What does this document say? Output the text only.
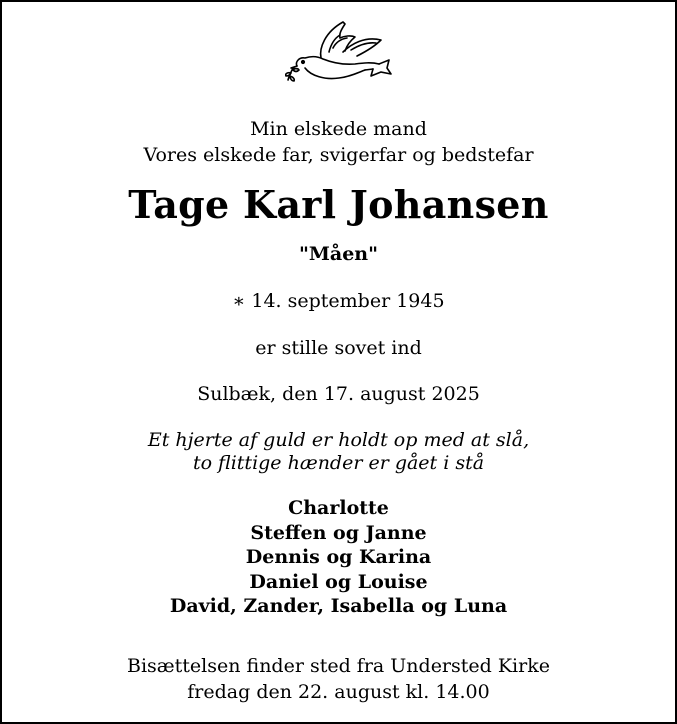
Min elskede mand
Vores elskede far, svigerfar og bedstefar
Tage Karl Johansen
"Måen"
∗ 14. september 1945
er stille sovet ind
Sulbæk, den 17. august 2025
Et hjerte af guld er holdt op med at slå,
to flittige hænder er gået i stå
Charlotte
Steffen og Janne
Dennis og Karina
Daniel og Louise
David, Zander, Isabella og Luna
Bisættelsen finder sted fra Understed Kirke
fredag den 22. august kl. 14.00
